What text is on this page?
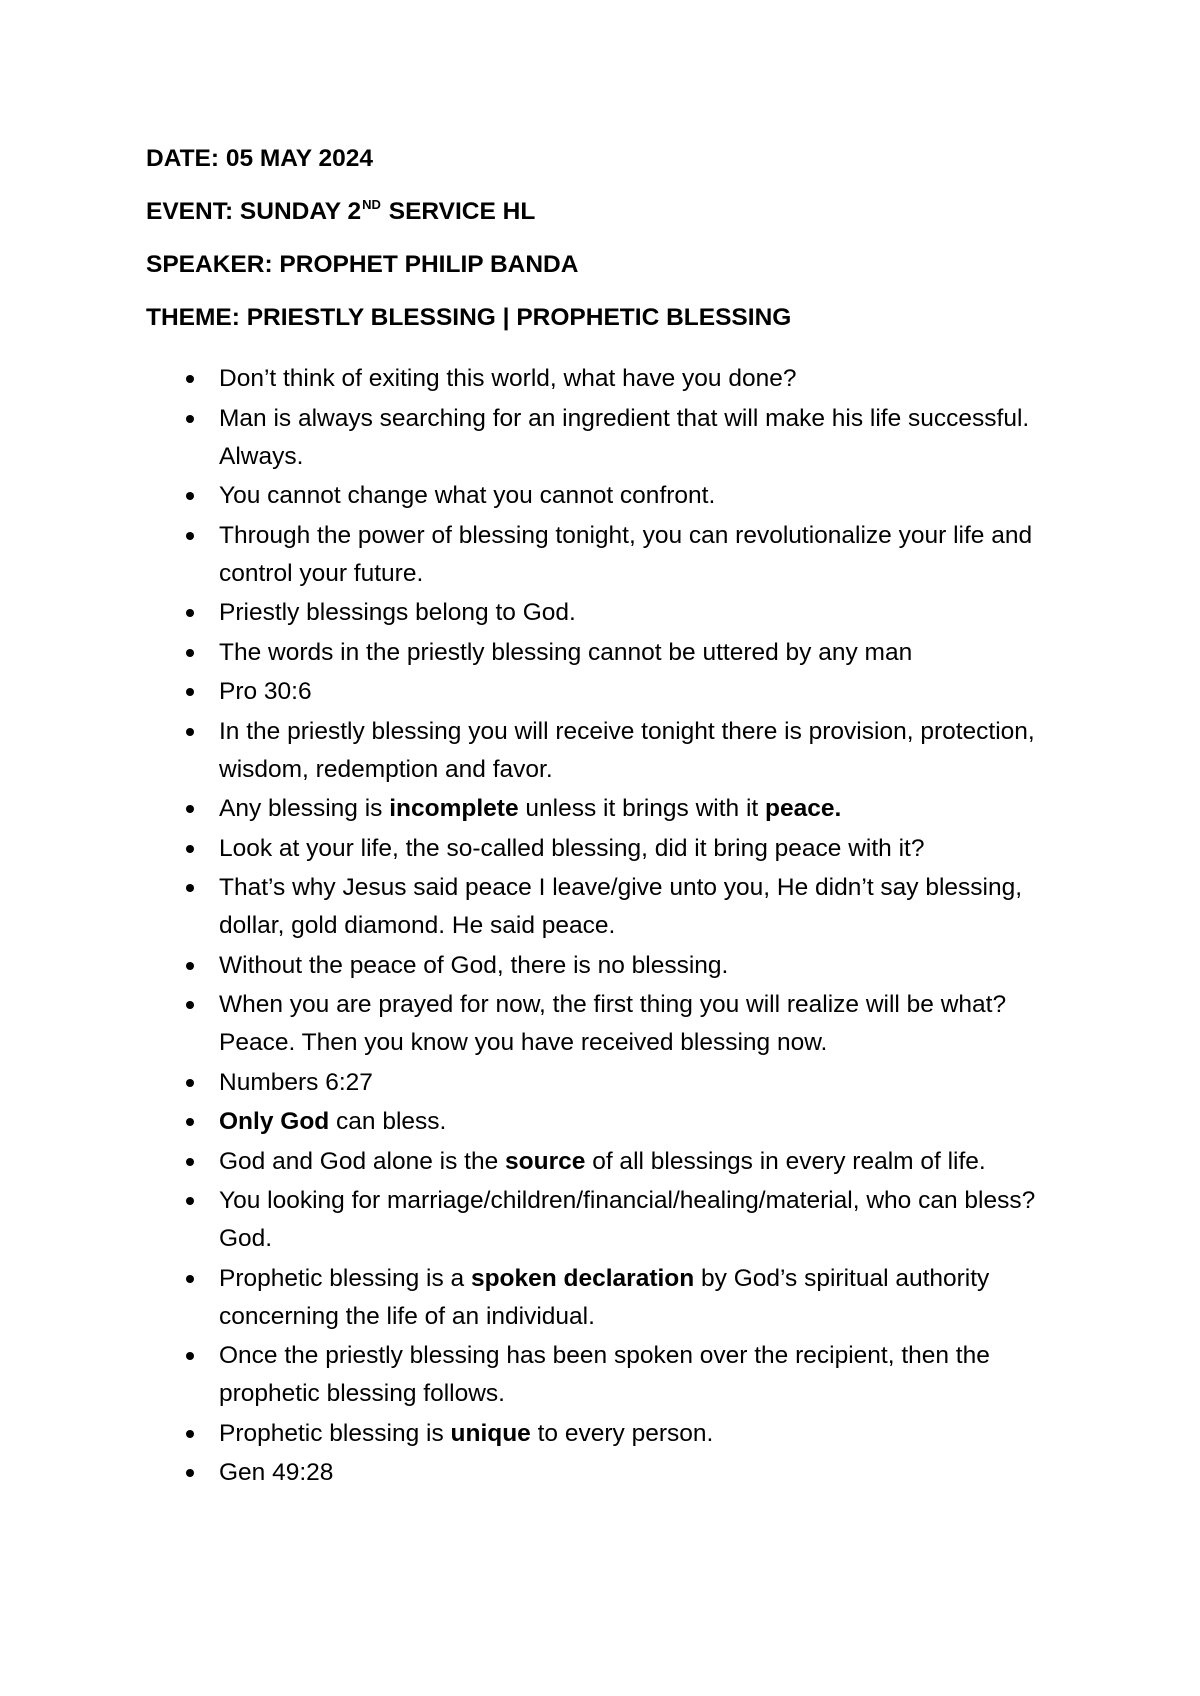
DATE: 05 MAY 2024
EVENT: SUNDAY 2ND SERVICE HL
SPEAKER: PROPHET PHILIP BANDA
THEME: PRIESTLY BLESSING | PROPHETIC BLESSING
Don’t think of exiting this world, what have you done?
Man is always searching for an ingredient that will make his life successful. Always.
You cannot change what you cannot confront.
Through the power of blessing tonight, you can revolutionalize your life and control your future.
Priestly blessings belong to God.
The words in the priestly blessing cannot be uttered by any man
Pro 30:6
In the priestly blessing you will receive tonight there is provision, protection, wisdom, redemption and favor.
Any blessing is incomplete unless it brings with it peace.
Look at your life, the so-called blessing, did it bring peace with it?
That’s why Jesus said peace I leave/give unto you, He didn’t say blessing, dollar, gold diamond. He said peace.
Without the peace of God, there is no blessing.
When you are prayed for now, the first thing you will realize will be what? Peace. Then you know you have received blessing now.
Numbers 6:27
Only God can bless.
God and God alone is the source of all blessings in every realm of life.
You looking for marriage/children/financial/healing/material, who can bless? God.
Prophetic blessing is a spoken declaration by God’s spiritual authority concerning the life of an individual.
Once the priestly blessing has been spoken over the recipient, then the prophetic blessing follows.
Prophetic blessing is unique to every person.
Gen 49:28
